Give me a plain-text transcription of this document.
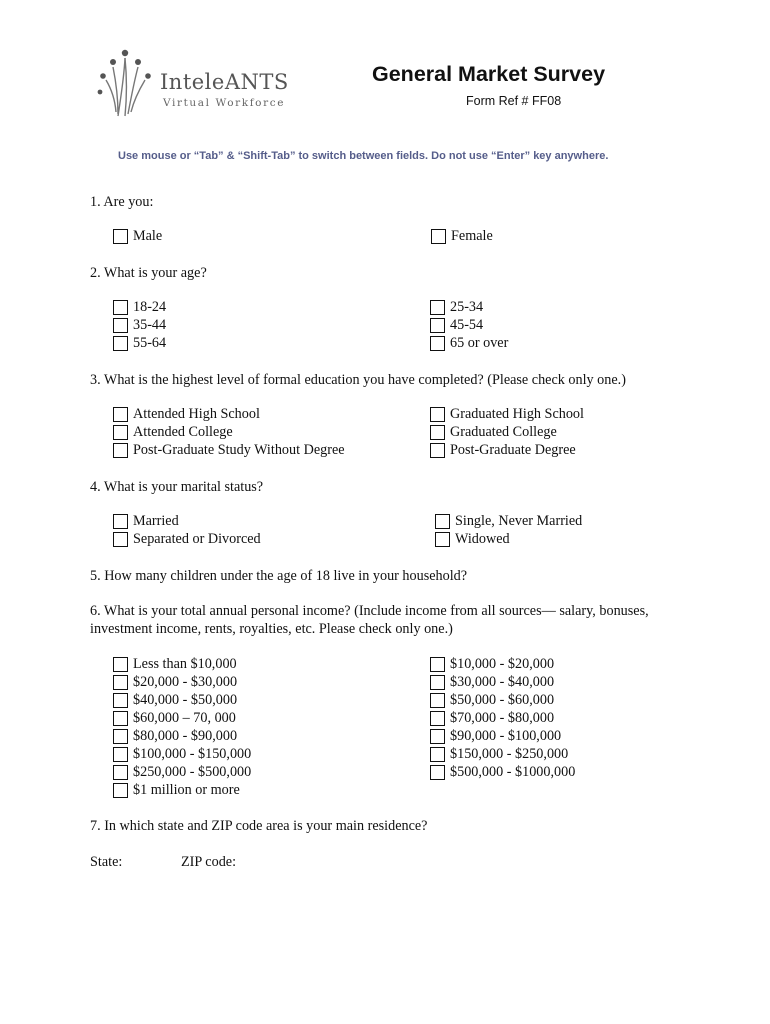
InteleANTS
Virtual Workforce
General Market Survey
Form Ref # FF08
Use mouse or “Tab” & “Shift-Tab” to switch between fields. Do not use “Enter” key anywhere.
1. Are you:
Male	Female
2. What is your age?
18-24	25-34
35-44	45-54
55-64	65 or over
3. What is the highest level of formal education you have completed? (Please check only one.)
Attended High School	Graduated High School
Attended College	Graduated College
Post-Graduate Study Without Degree	Post-Graduate Degree
4. What is your marital status?
Married	Single, Never Married
Separated or Divorced	Widowed
5. How many children under the age of 18 live in your household?
6. What is your total annual personal income? (Include income from all sources— salary, bonuses, investment income, rents, royalties, etc. Please check only one.)
Less than $10,000	$10,000 - $20,000
$20,000 - $30,000	$30,000 - $40,000
$40,000 - $50,000	$50,000 - $60,000
$60,000 – 70, 000	$70,000 - $80,000
$80,000 - $90,000	$90,000 - $100,000
$100,000 - $150,000	$150,000 - $250,000
$250,000 - $500,000	$500,000 - $1000,000
$1 million or more
7. In which state and ZIP code area is your main residence?
State:	ZIP code:
